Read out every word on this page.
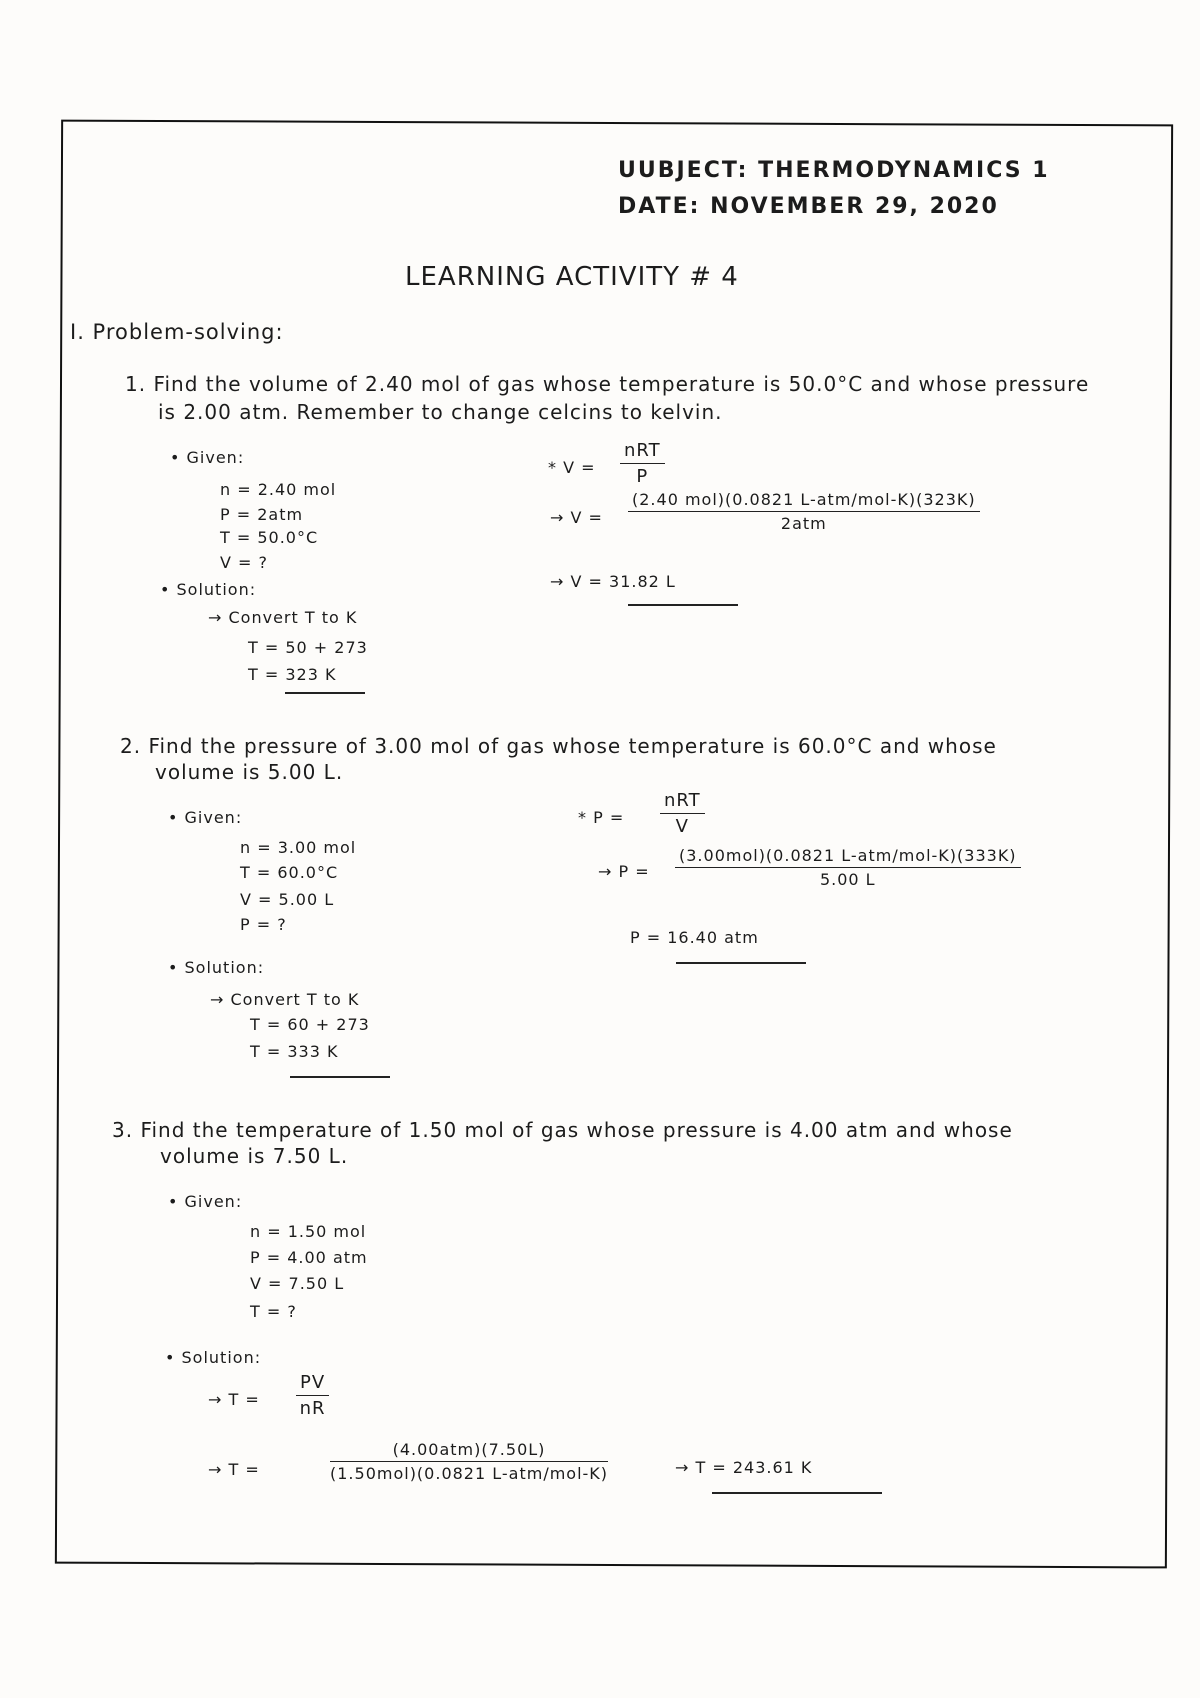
UUBJECT: THERMODYNAMICS 1
DATE: NOVEMBER 29, 2020
LEARNING ACTIVITY # 4
I. Problem-solving:
1. Find the volume of 2.40 mol of gas whose temperature is 50.0°C and whose pressure
is 2.00 atm. Remember to change celcins to kelvin.
• Given:
n = 2.40 mol
P = 2atm
T = 50.0°C
V = ?
• Solution:
→ Convert T to K
T = 50 + 273
T = 323 K
* V =
nRT
P
→ V =
(2.40 mol)(0.0821 L-atm/mol-K)(323K)
2atm
→ V = 31.82 L
2. Find the pressure of 3.00 mol of gas whose temperature is 60.0°C and whose
volume is 5.00 L.
• Given:
n = 3.00 mol
T = 60.0°C
V = 5.00 L
P = ?
• Solution:
→ Convert T to K
T = 60 + 273
T = 333 K
* P =
nRT
V
→ P =
(3.00mol)(0.0821 L-atm/mol-K)(333K)
5.00 L
P = 16.40 atm
3. Find the temperature of 1.50 mol of gas whose pressure is 4.00 atm and whose
volume is 7.50 L.
• Given:
n = 1.50 mol
P = 4.00 atm
V = 7.50 L
T = ?
• Solution:
→ T =
PV
nR
→ T =
(4.00atm)(7.50L)
(1.50mol)(0.0821 L-atm/mol-K)	→ T = 243.61 K
